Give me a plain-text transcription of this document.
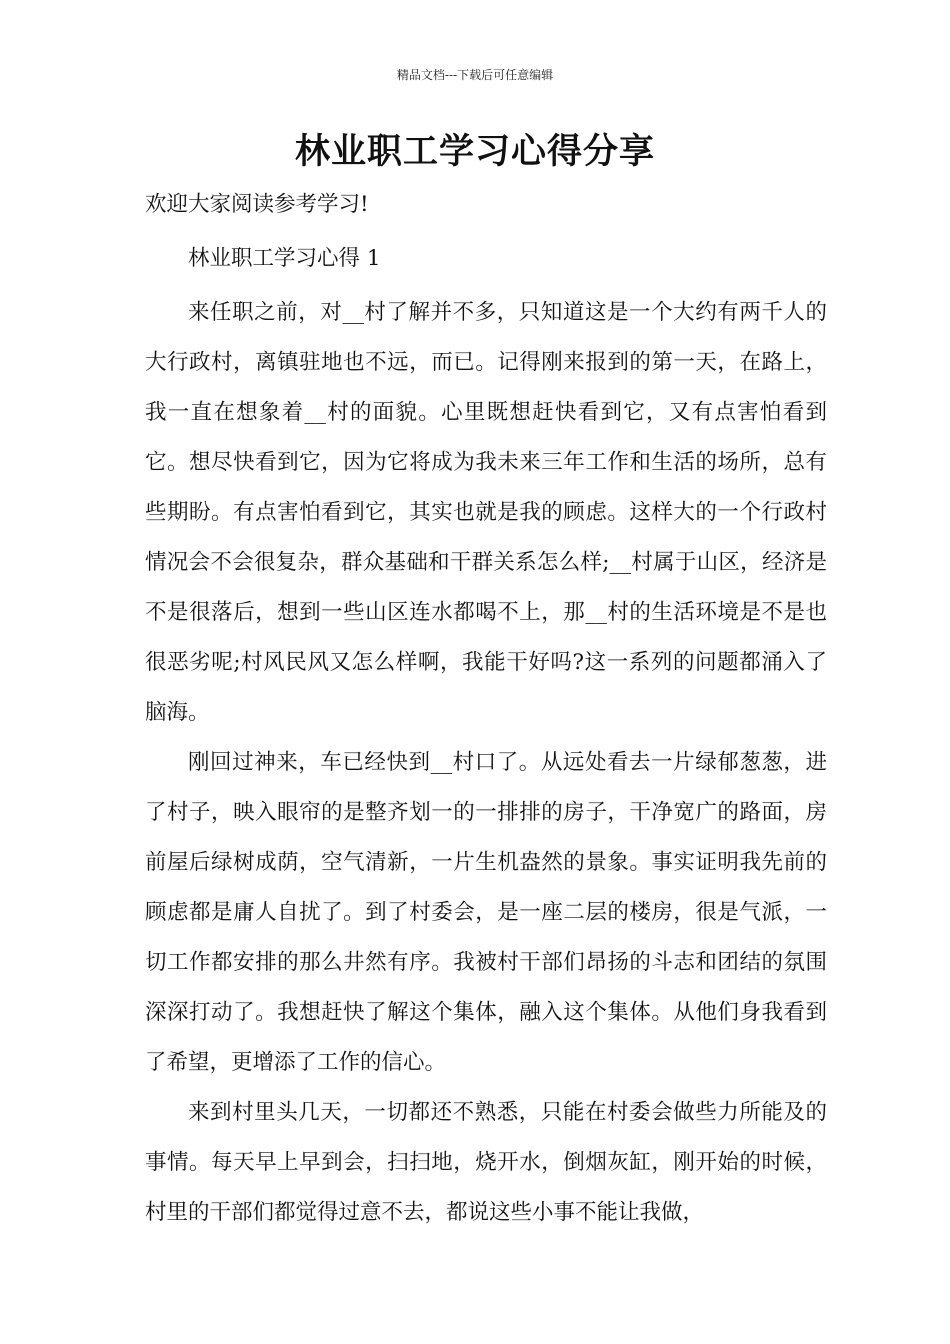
精品文档---下载后可任意编辑
林业职工学习心得分享

欢迎大家阅读参考学习!

林业职工学习心得 1

来任职之前，对__村了解并不多，只知道这是一个大约有两千人的大行政村，离镇驻地也不远，而已。记得刚来报到的第一天，在路上，我一直在想象着__村的面貌。心里既想赶快看到它，又有点害怕看到它。想尽快看到它，因为它将成为我未来三年工作和生活的场所，总有些期盼。有点害怕看到它，其实也就是我的顾虑。这样大的一个行政村情况会不会很复杂，群众基础和干群关系怎么样;__村属于山区，经济是不是很落后，想到一些山区连水都喝不上，那__村的生活环境是不是也很恶劣呢;村风民风又怎么样啊，我能干好吗?这一系列的问题都涌入了脑海。

刚回过神来，车已经快到__村口了。从远处看去一片绿郁葱葱，进了村子，映入眼帘的是整齐划一的一排排的房子，干净宽广的路面，房前屋后绿树成荫，空气清新，一片生机盎然的景象。事实证明我先前的顾虑都是庸人自扰了。到了村委会，是一座二层的楼房，很是气派，一切工作都安排的那么井然有序。我被村干部们昂扬的斗志和团结的氛围深深打动了。我想赶快了解这个集体，融入这个集体。从他们身我看到了希望，更增添了工作的信心。

来到村里头几天，一切都还不熟悉，只能在村委会做些力所能及的事情。每天早上早到会，扫扫地，烧开水，倒烟灰缸，刚开始的时候，村里的干部们都觉得过意不去，都说这些小事不能让我做，
